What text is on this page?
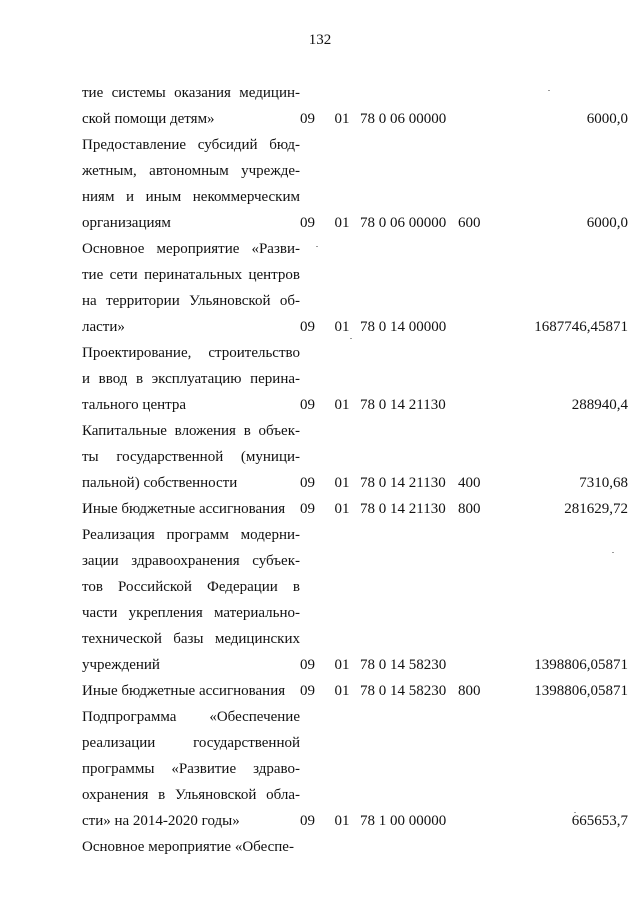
132
тие системы оказания медицин-
ской помощи детям»	09	01 78 0 06 00000	6000,0
Предоставление субсидий бюд-
жетным, автономным учрежде-
ниям и иным некоммерческим
организациям	09	01 78 0 06 00000 600	6000,0
Основное мероприятие «Разви-
тие сети перинатальных центров
на территории Ульяновской об-
ласти»	09	01 78 0 14 00000	1687746,45871
Проектирование, строительство
и ввод в эксплуатацию перина-
тального центра	09	01 78 0 14 21130	288940,4
Капитальные вложения в объек-
ты государственной (муници-
пальной) собственности	09	01 78 0 14 21130 400	7310,68
Иные бюджетные ассигнования 09	01 78 0 14 21130 800	281629,72
Реализация программ модерни-
зации здравоохранения субъек-
тов Российской Федерации в
части укрепления материально-
технической базы медицинских
учреждений	09	01 78 0 14 58230	1398806,05871
Иные бюджетные ассигнования 09	01 78 0 14 58230 800	1398806,05871
Подпрограмма «Обеспечение
реализации государственной
программы «Развитие здраво-
охранения в Ульяновской обла-
сти» на 2014-2020 годы»	09	01 78 1 00 00000	665653,7
Основное мероприятие «Обеспе-
